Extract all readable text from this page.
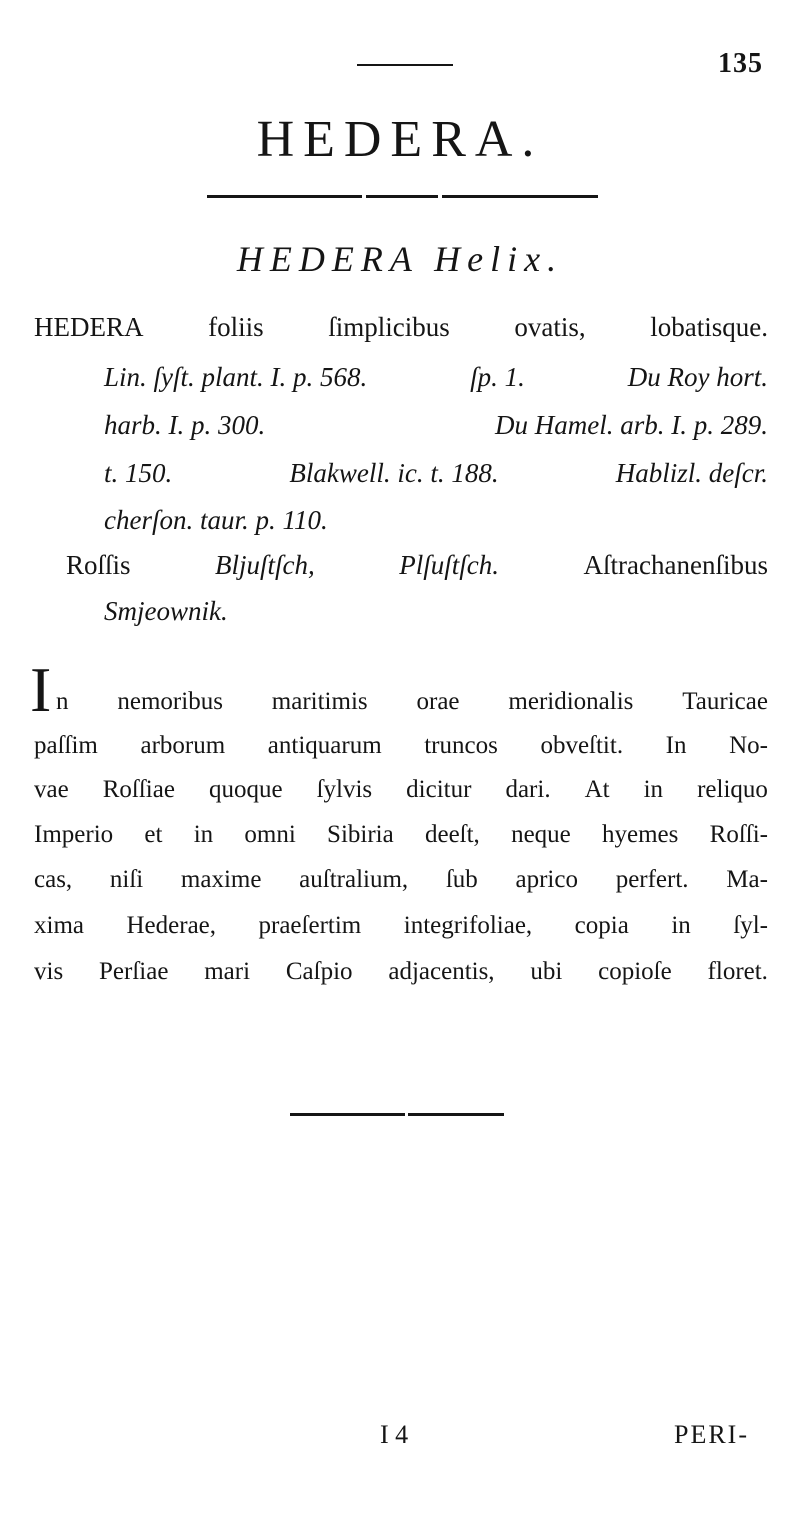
135
HEDERA.
HEDERA Helix.
HEDERA foliis ſimplicibus ovatis, lobatisque.
Lin. ſyſt. plant. I. p. 568.	ſp. 1.	Du Roy hort.
harb. I. p. 300.	Du Hamel. arb. I. p. 289.
t. 150.	Blakwell. ic. t. 188.	Hablizl. deſcr.
cherſon. taur. p. 110.
Roſſis	Bljuſtſch,	Plſuſtſch.	Aſtrachanenſibus
Smjeownik.
I n nemoribus maritimis orae meridionalis Tauricae
paſſim arborum antiquarum truncos obveſtit. In No-
vae Roſſiae quoque ſylvis dicitur dari. At in reliquo
Imperio et in omni Sibiria deeſt, neque hyemes Roſſi-
cas, niſi maxime auſtralium, ſub aprico perfert. Ma-
xima Hederae, praeſertim integrifoliae, copia in ſyl-
vis Perſiae mari Caſpio adjacentis, ubi copioſe floret.
I 4	PERI-
